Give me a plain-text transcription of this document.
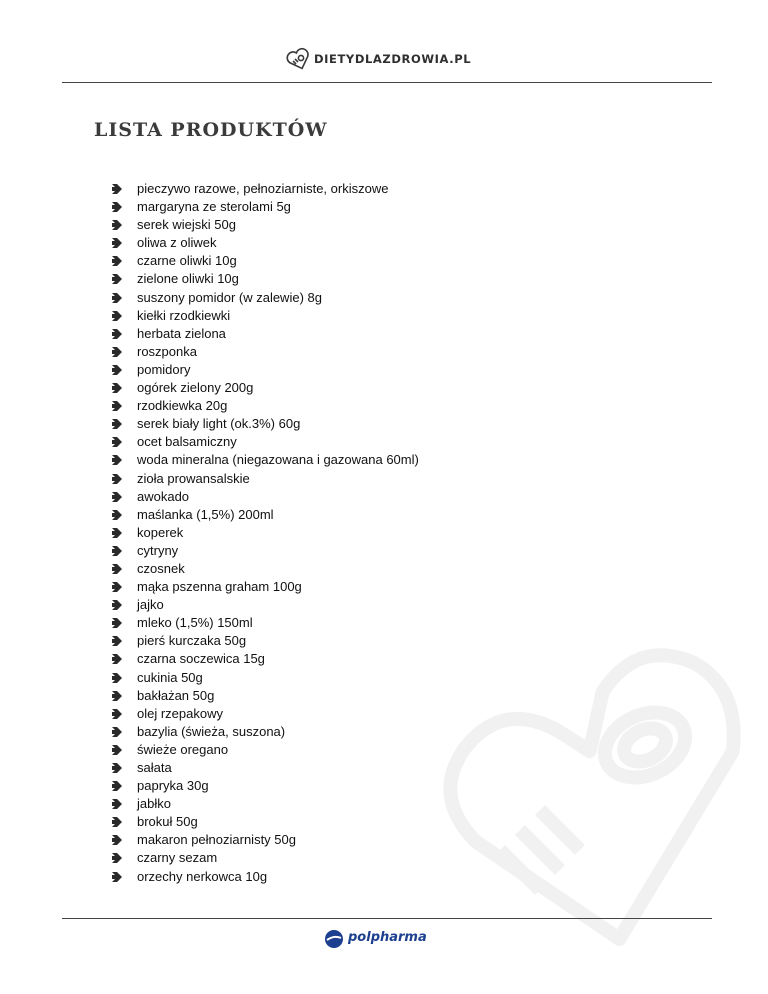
DIETYDLAZDROWIA.PL
LISTA PRODUKTÓW
pieczywo razowe, pełnoziarniste, orkiszowe
margaryna ze sterolami 5g
serek wiejski 50g
oliwa z oliwek
czarne oliwki 10g
zielone oliwki 10g
suszony pomidor (w zalewie) 8g
kiełki rzodkiewki
herbata zielona
roszponka
pomidory
ogórek zielony 200g
rzodkiewka 20g
serek biały light (ok.3%) 60g
ocet balsamiczny
woda mineralna (niegazowana i gazowana 60ml)
zioła prowansalskie
awokado
maślanka (1,5%) 200ml
koperek
cytryny
czosnek
mąka pszenna graham 100g
jajko
mleko (1,5%) 150ml
pierś kurczaka 50g
czarna soczewica 15g
cukinia 50g
bakłażan 50g
olej rzepakowy
bazylia (świeża, suszona)
świeże oregano
sałata
papryka 30g
jabłko
brokuł 50g
makaron pełnoziarnisty 50g
czarny sezam
orzechy nerkowca 10g
polpharma
